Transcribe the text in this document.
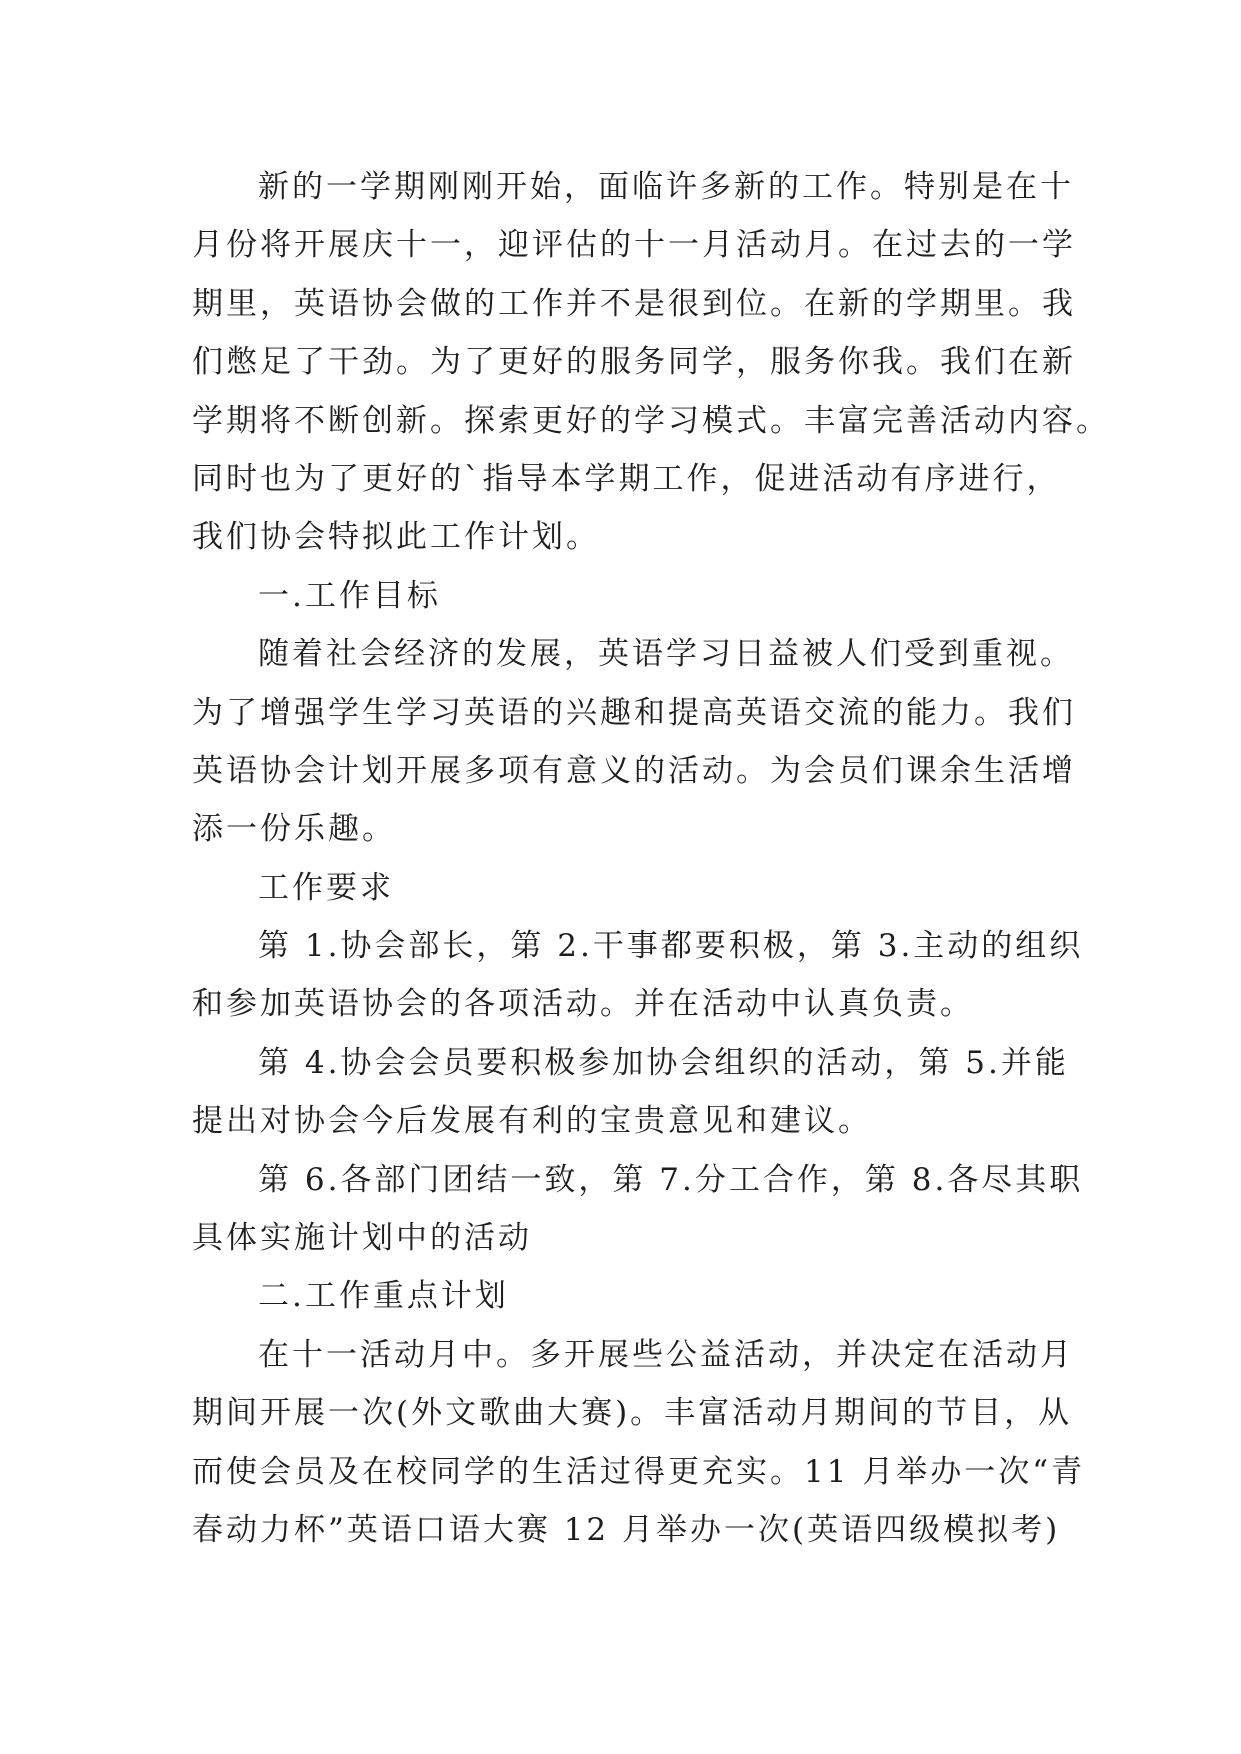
新的一学期刚刚开始，面临许多新的工作。特别是在十
月份将开展庆十一，迎评估的十一月活动月。在过去的一学
期里，英语协会做的工作并不是很到位。在新的学期里。我
们憋足了干劲。为了更好的服务同学，服务你我。我们在新
学期将不断创新。探索更好的学习模式。丰富完善活动内容。
同时也为了更好的`指导本学期工作，促进活动有序进行，
我们协会特拟此工作计划。
一.工作目标
随着社会经济的发展，英语学习日益被人们受到重视。
为了增强学生学习英语的兴趣和提高英语交流的能力。我们
英语协会计划开展多项有意义的活动。为会员们课余生活增
添一份乐趣。
工作要求
第 1.协会部长，第 2.干事都要积极，第 3.主动的组织
和参加英语协会的各项活动。并在活动中认真负责。
第 4.协会会员要积极参加协会组织的活动，第 5.并能
提出对协会今后发展有利的宝贵意见和建议。
第 6.各部门团结一致，第 7.分工合作，第 8.各尽其职
具体实施计划中的活动
二.工作重点计划
在十一活动月中。多开展些公益活动，并决定在活动月
期间开展一次(外文歌曲大赛)。丰富活动月期间的节目，从
而使会员及在校同学的生活过得更充实。11 月举办一次“青
春动力杯”英语口语大赛 12 月举办一次(英语四级模拟考)
